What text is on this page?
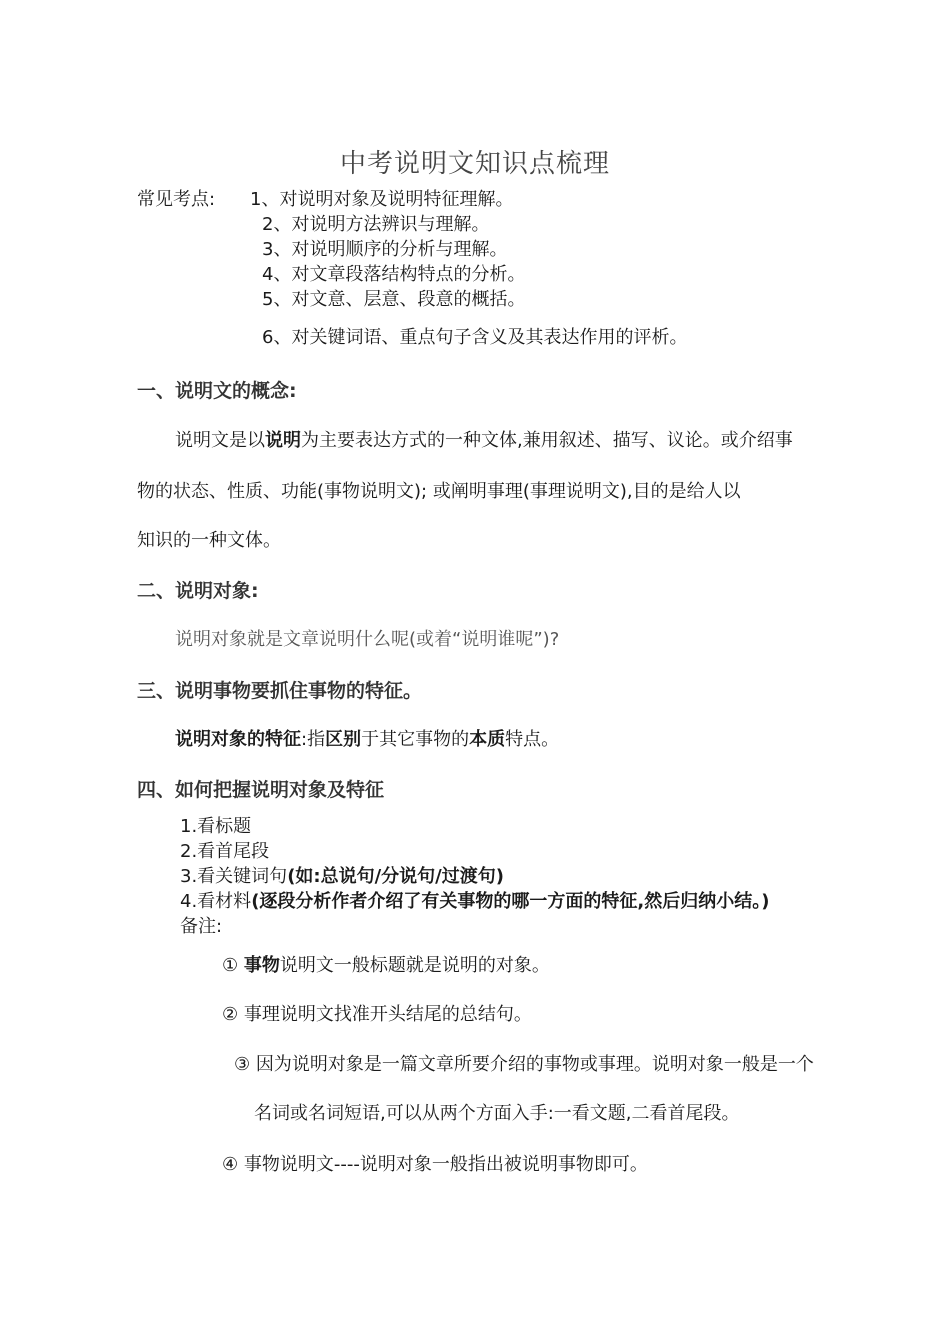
中考说明文知识点梳理
常见考点: 1、对说明对象及说明特征理解。
2、对说明方法辨识与理解。
3、对说明顺序的分析与理解。
4、对文章段落结构特点的分析。
5、对文意、层意、段意的概括。
6、对关键词语、重点句子含义及其表达作用的评析。
一、说明文的概念:
说明文是以说明为主要表达方式的一种文体,兼用叙述、描写、议论。或介绍事
物的状态、性质、功能(事物说明文); 或阐明事理(事理说明文),目的是给人以
知识的一种文体。
二、说明对象:
说明对象就是文章说明什么呢(或着“说明谁呢”)?
三、说明事物要抓住事物的特征。
说明对象的特征:指区别于其它事物的本质特点。
四、如何把握说明对象及特征
1.看标题
2.看首尾段
3.看关键词句(如:总说句/分说句/过渡句)
4.看材料(逐段分析作者介绍了有关事物的哪一方面的特征,然后归纳小结。)
备注:
① 事物说明文一般标题就是说明的对象。
② 事理说明文找准开头结尾的总结句。
③ 因为说明对象是一篇文章所要介绍的事物或事理。说明对象一般是一个
名词或名词短语,可以从两个方面入手:一看文题,二看首尾段。
④ 事物说明文----说明对象一般指出被说明事物即可。
